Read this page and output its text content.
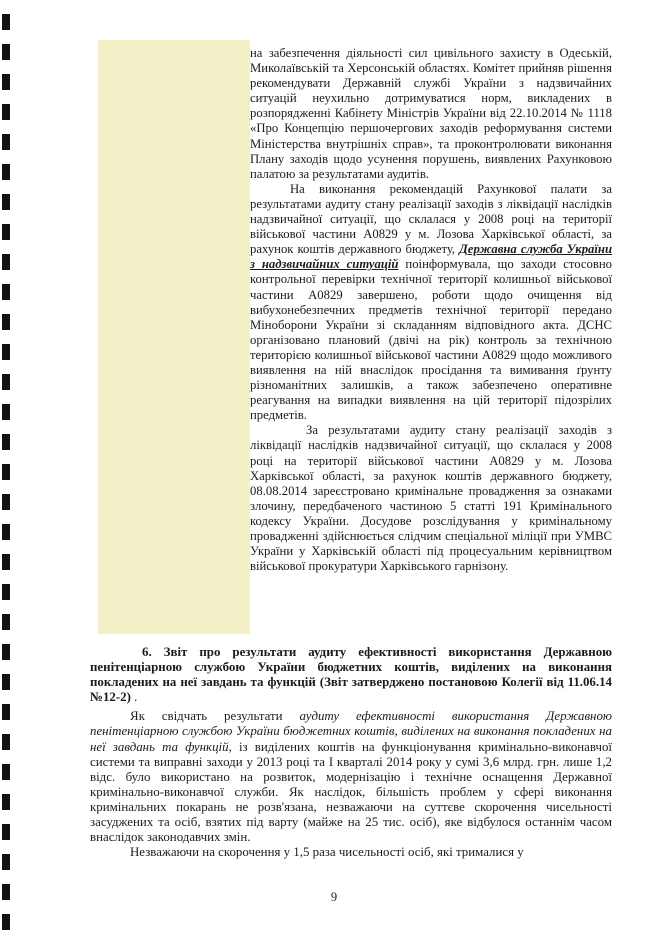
на забезпечення діяльності сил цивільного захисту в Одеській, Миколаївській та Херсонській областях. Комітет прийняв рішення рекомендувати Державній службі України з надзвичайних ситуацій неухильно дотримуватися норм, викладених в розпорядженні Кабінету Міністрів України від 22.10.2014 № 1118 «Про Концепцію першочергових заходів реформування системи Міністерства внутрішніх справ», та проконтролювати виконання Плану заходів щодо усунення порушень, виявлених Рахунковою палатою за результатами аудитів.

На виконання рекомендацій Рахункової палати за результатами аудиту стану реалізації заходів з ліквідації наслідків надзвичайної ситуації, що склалася у 2008 році на території військової частини А0829 у м. Лозова Харківської області, за рахунок коштів державного бюджету, Державна служба України з надзвичайних ситуацій поінформувала, що заходи стосовно контрольної перевірки технічної території колишньої військової частини А0829 завершено, роботи щодо очищення від вибухонебезпечних предметів технічної території передано Міноборони України зі складанням відповідного акта. ДСНС організовано плановий (двічі на рік) контроль за технічною територією колишньої військової частини А0829 щодо можливого виявлення на ній внаслідок просідання та вимивання ґрунту різноманітних залишків, а також забезпечено оперативне реагування на випадки виявлення на цій території підозрілих предметів.

За результатами аудиту стану реалізації заходів з ліквідації наслідків надзвичайної ситуації, що склалася у 2008 році на території військової частини А0829 у м. Лозова Харківської області, за рахунок коштів державного бюджету, 08.08.2014 зареєстровано кримінальне провадження за ознаками злочину, передбаченого частиною 5 статті 191 Кримінального кодексу України. Досудове розслідування у кримінальному провадженні здійснюється слідчим спеціальної міліції при УМВС України у Харківській області під процесуальним керівництвом військової прокуратури Харківського гарнізону.

6. Звіт про результати аудиту ефективності використання Державною пенітенціарною службою України бюджетних коштів, виділених на виконання покладених на неї завдань та функцій (Звіт затверджено постановою Колегії від 11.06.14 №12-2) .

Як свідчать результати аудиту ефективності використання Державною пенітенціарною службою України бюджетних коштів, виділених на виконання покладених на неї завдань та функцій, із виділених коштів на функціонування кримінально-виконавчої системи та виправні заходи у 2013 році та І кварталі 2014 року у сумі 3,6 млрд. грн. лише 1,2 відс. було використано на розвиток, модернізацію і технічне оснащення Державної кримінально-виконавчої служби. Як наслідок, більшість проблем у сфері виконання кримінальних покарань не розв'язана, незважаючи на суттєве скорочення чисельності засуджених та осіб, взятих під варту (майже на 25 тис. осіб), яке відбулося останнім часом внаслідок законодавчих змін.

Незважаючи на скорочення у 1,5 раза чисельності осіб, які трималися у

9
